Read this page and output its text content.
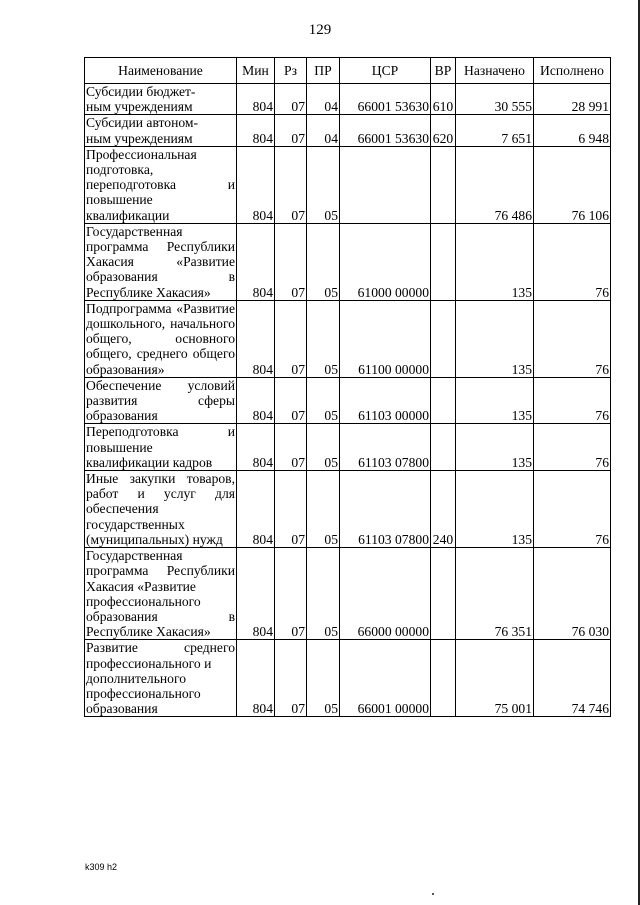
129
Наименование	Мин	Рз	ПР	ЦСР	ВР	Назначено	Исполнено

Субсидии бюджет-
ным учреждениям	804	07	04	66001 53630	610	30 555	28 991

Субсидии автоном-
ным учреждениям	804	07	04	66001 53630	620	7 651	6 948

Профессиональная
подготовка, переподготовка и повышение
квалификации	804	07	05			76 486	76 106

Государственная программа Республики Хакасия «Развитие образования в Республике Хакасия»	804	07	05	61000 00000		135	76

Подпрограмма «Развитие дошкольного, начального общего, основного общего, среднего общего образования»	804	07	05	61100 00000		135	76

Обеспечение условий развития сферы образования	804	07	05	61103 00000		135	76

Переподготовка и повышение квалификации кадров	804	07	05	61103 07800		135	76

Иные закупки товаров, работ и услуг для обеспечения государственных (муниципальных) нужд	804	07	05	61103 07800	240	135	76

Государственная программа Республики Хакасия «Развитие
профессионального
образования в Республике Хакасия»	804	07	05	66000 00000		76 351	76 030

Развитие среднего профессионального и
дополнительного
профессионального
образования	804	07	05	66001 00000		75 001	74 746
k309 h2
